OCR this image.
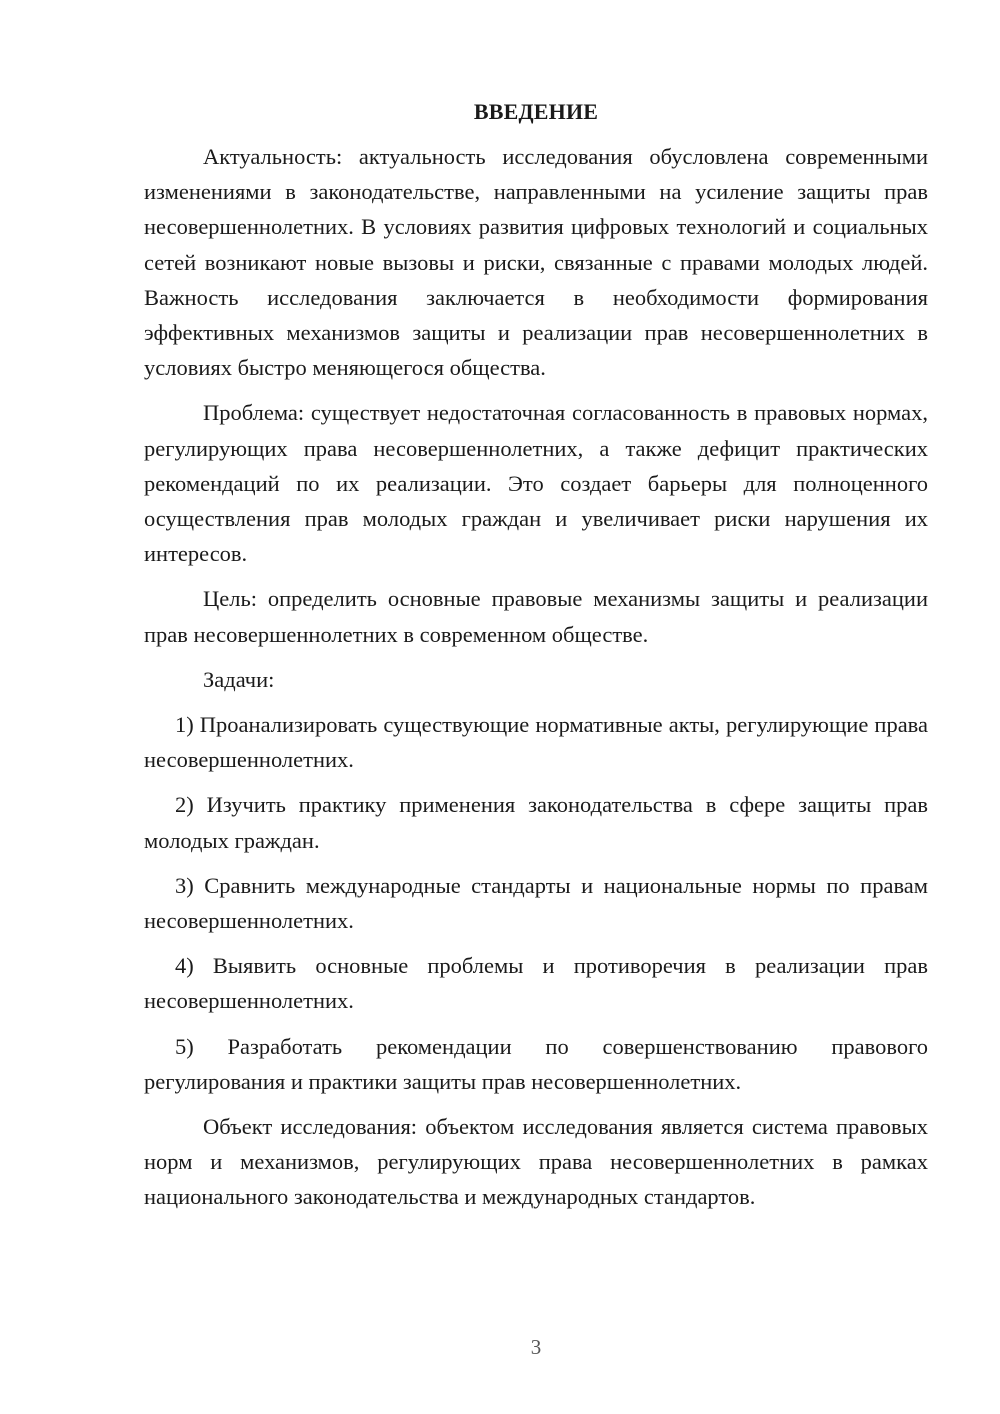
ВВЕДЕНИЕ

Актуальность: актуальность исследования обусловлена современными изменениями в законодательстве, направленными на усиление защиты прав несовершеннолетних. В условиях развития цифровых технологий и социальных сетей возникают новые вызовы и риски, связанные с правами молодых людей. Важность исследования заключается в необходимости формирования эффективных механизмов защиты и реализации прав несовершеннолетних в условиях быстро меняющегося общества.

Проблема: существует недостаточная согласованность в правовых нормах, регулирующих права несовершеннолетних, а также дефицит практических рекомендаций по их реализации. Это создает барьеры для полноценного осуществления прав молодых граждан и увеличивает риски нарушения их интересов.

Цель: определить основные правовые механизмы защиты и реализации прав несовершеннолетних в современном обществе.

Задачи:

1) Проанализировать существующие нормативные акты, регулирующие права несовершеннолетних.

2) Изучить практику применения законодательства в сфере защиты прав молодых граждан.

3) Сравнить международные стандарты и национальные нормы по правам несовершеннолетних.

4) Выявить основные проблемы и противоречия в реализации прав несовершеннолетних.

5) Разработать рекомендации по совершенствованию правового регулирования и практики защиты прав несовершеннолетних.

Объект исследования: объектом исследования является система правовых норм и механизмов, регулирующих права несовершеннолетних в рамках национального законодательства и международных стандартов.

3
